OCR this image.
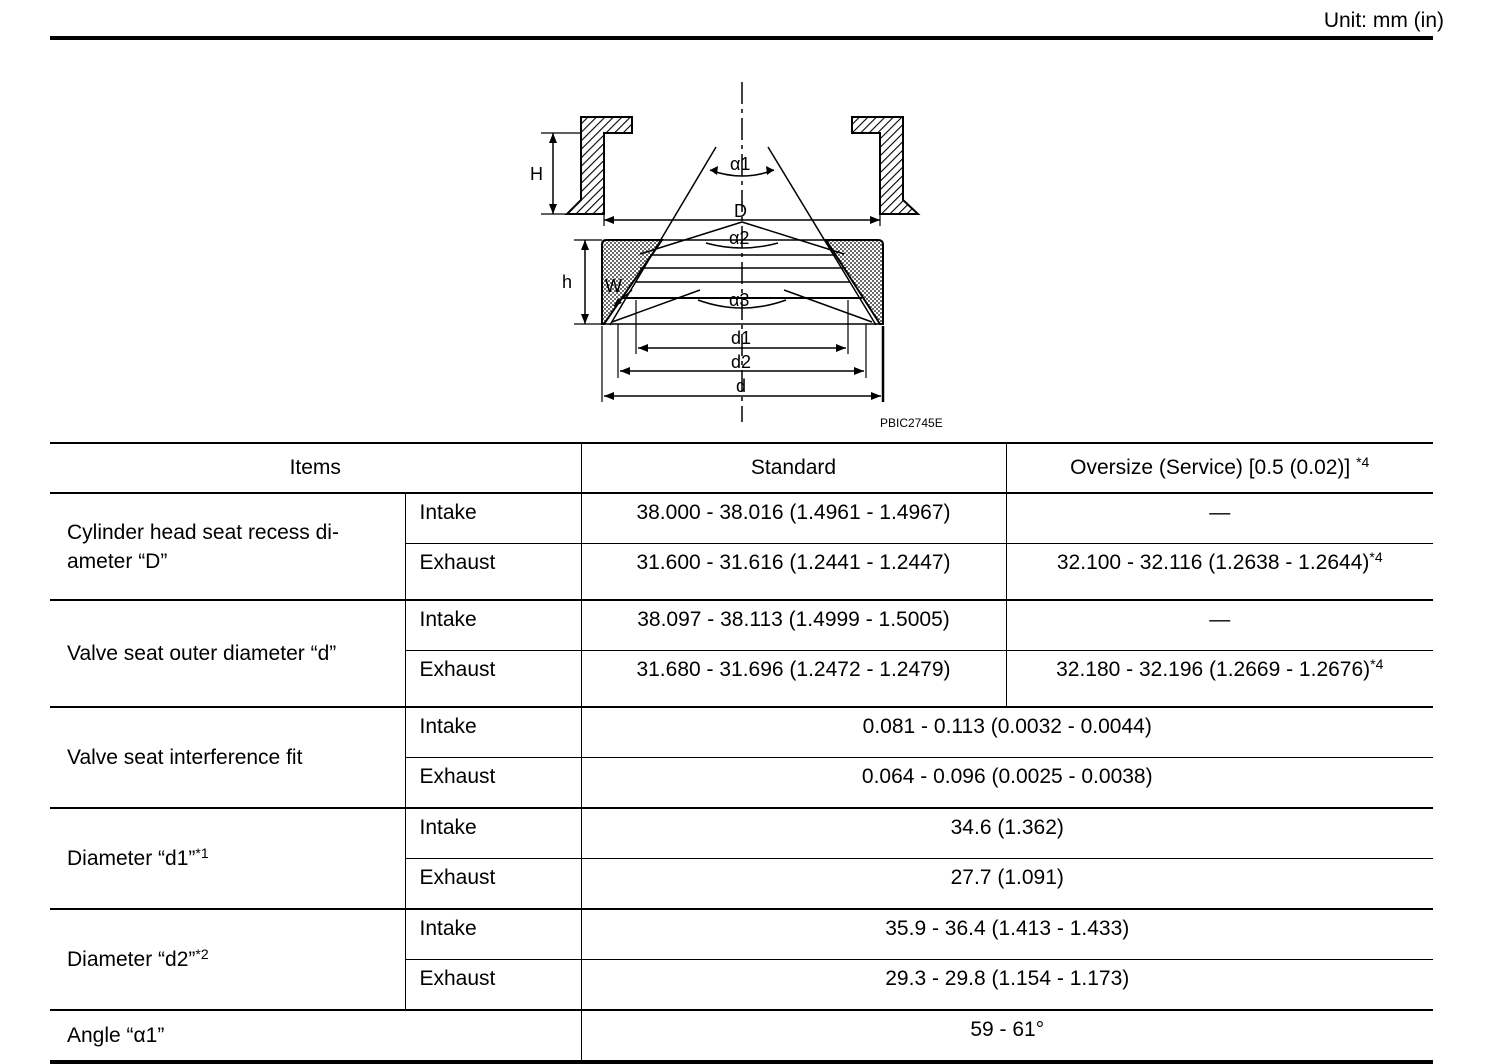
Unit: mm (in)
α1
α2
α3
H
D
h W
d1
d2
d
PBIC2745E
Items		Standard	Oversize (Service) [0.5 (0.02)] $^{*4}$
Cylinder head seat recess di-
ameter “D”	Intake	38.000 - 38.016 (1.4961 - 1.4967)	—
	Exhaust	31.600 - 31.616 (1.2441 - 1.2447)	32.100 - 32.116 (1.2638 - 1.2644)$^{*4}$
Valve seat outer diameter “d”	Intake	38.097 - 38.113 (1.4999 - 1.5005)	—
	Exhaust	31.680 - 31.696 (1.2472 - 1.2479)	32.180 - 32.196 (1.2669 - 1.2676)$^{*4}$
Valve seat interference fit	Intake	0.081 - 0.113 (0.0032 - 0.0044)	
	Exhaust	0.064 - 0.096 (0.0025 - 0.0038)	
Diameter “d1”$^{*1}$	Intake	34.6 (1.362)	
	Exhaust	27.7 (1.091)	
Diameter “d2”$^{*2}$	Intake	35.9 - 36.4 (1.413 - 1.433)	
	Exhaust	29.3 - 29.8 (1.154 - 1.173)	
Angle “α1”		59 - 61°	
